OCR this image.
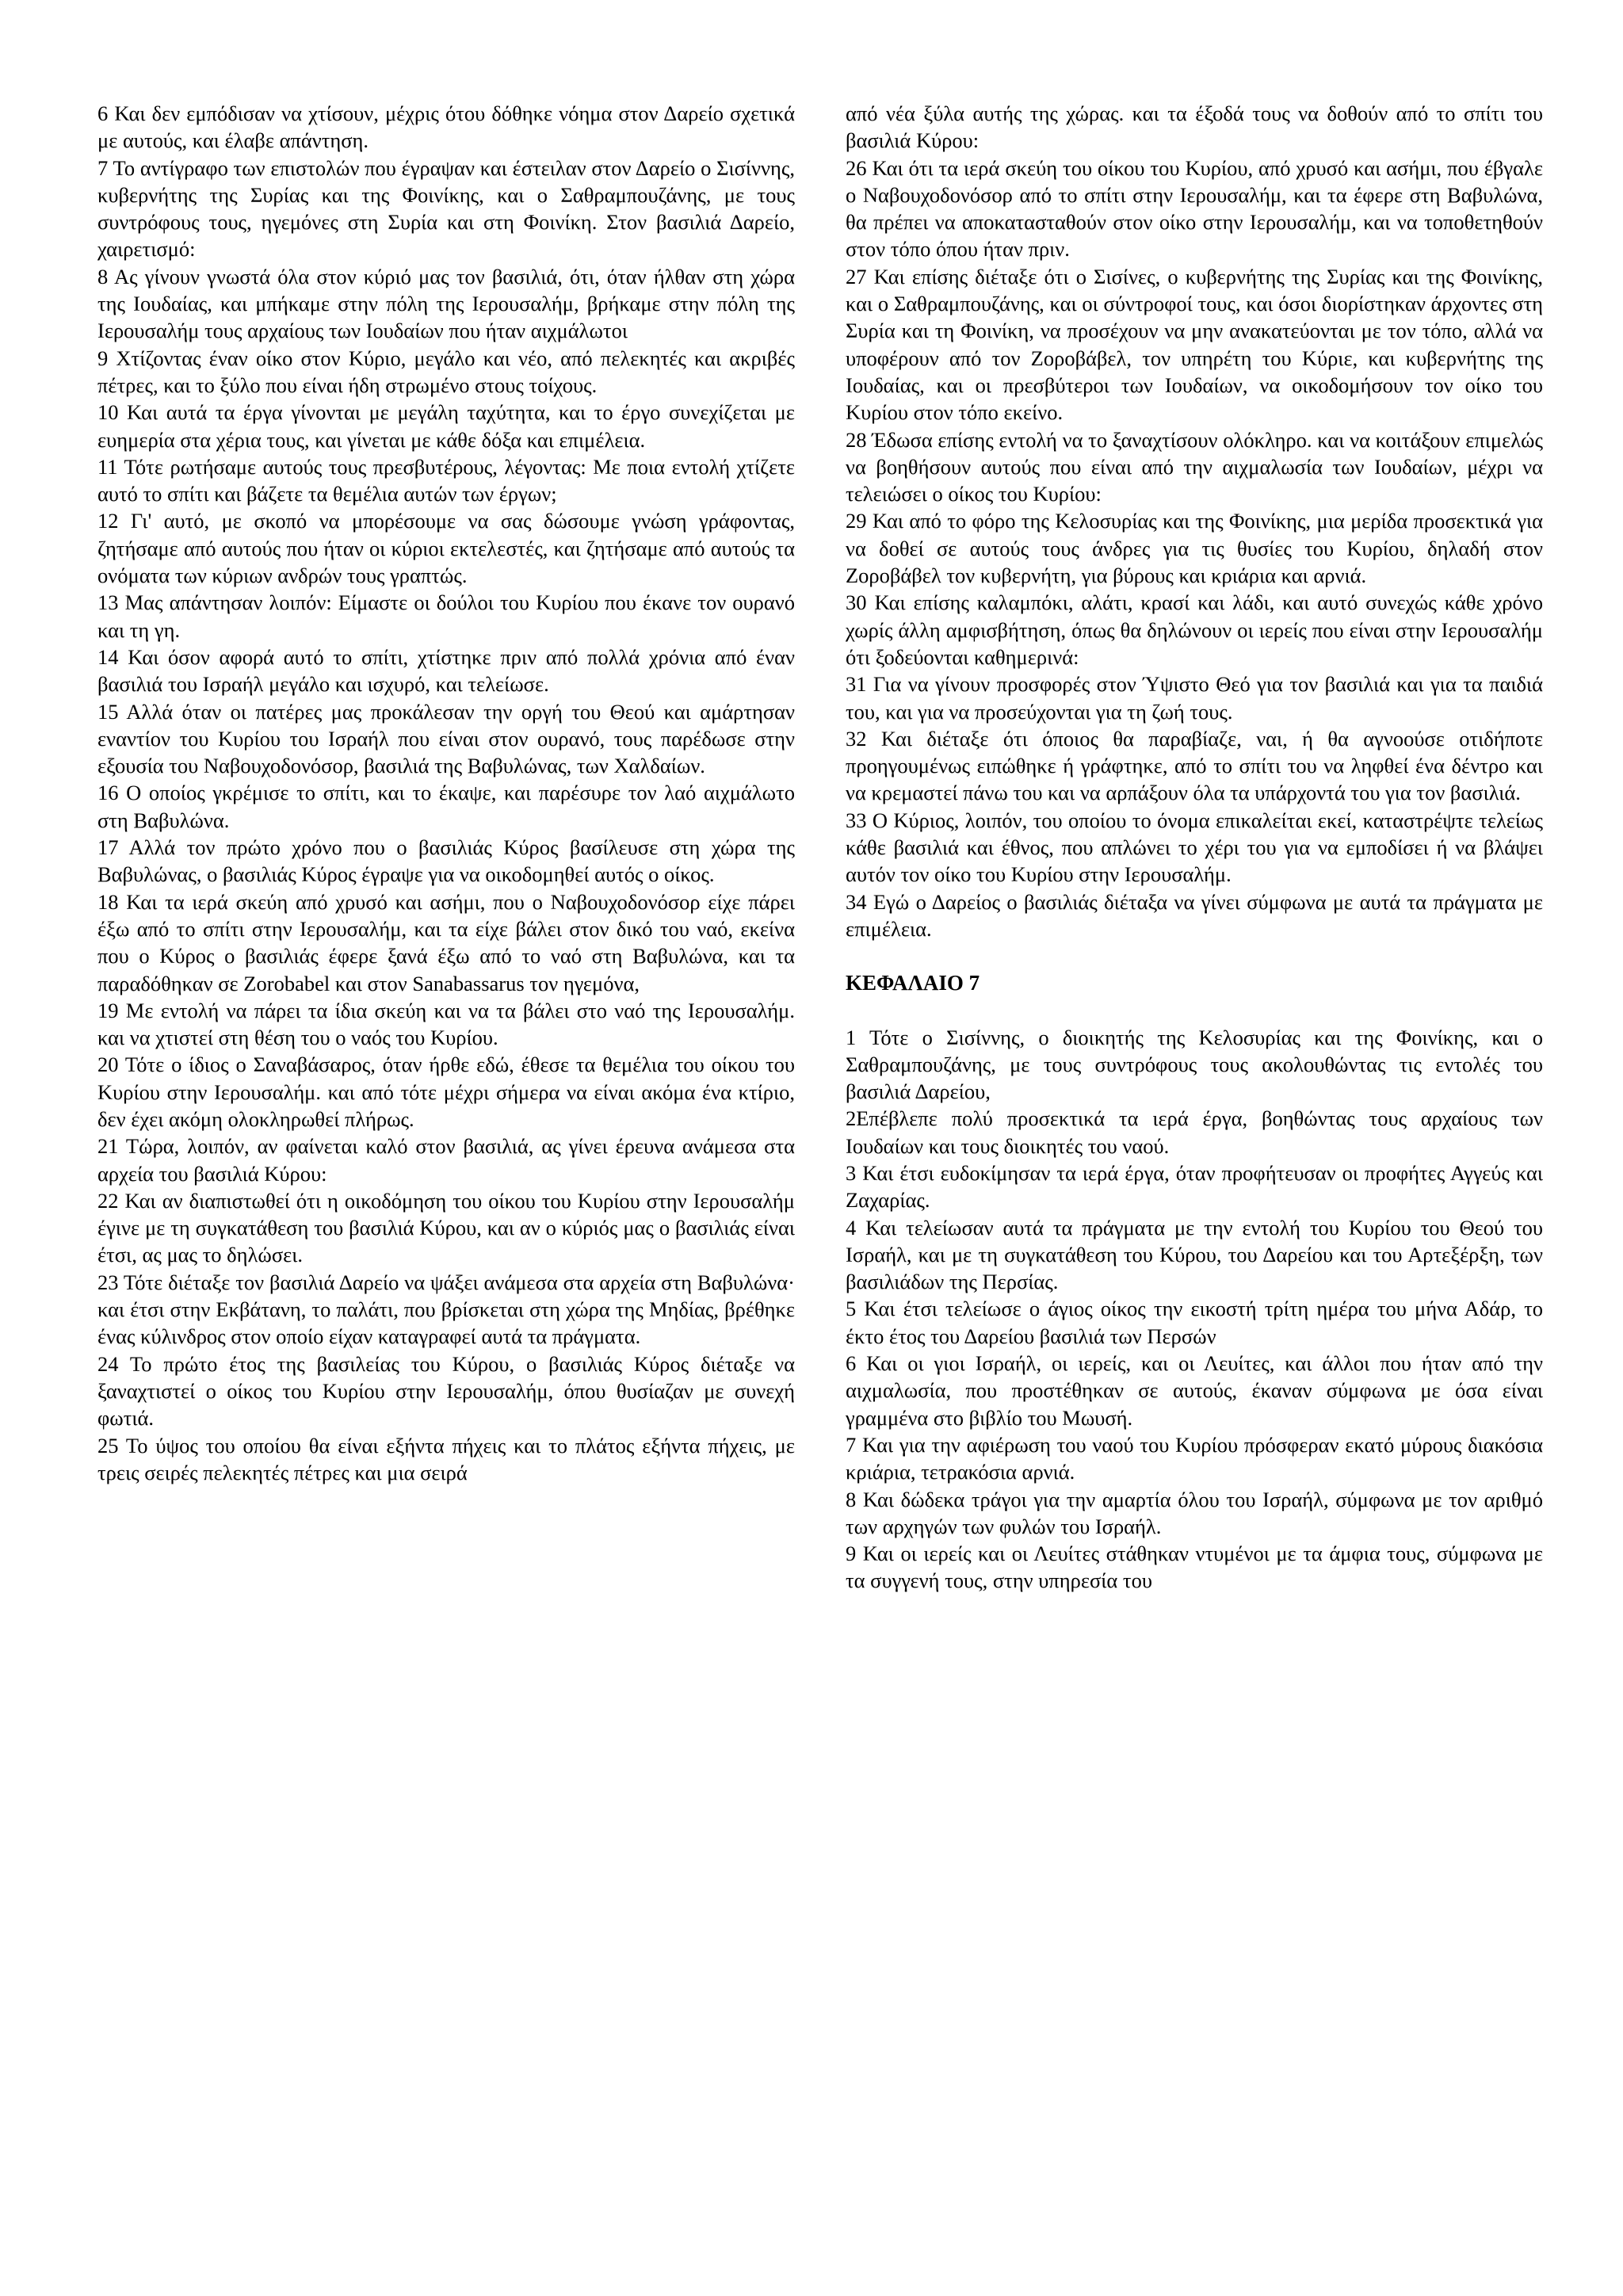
6 Και δεν εμπόδισαν να χτίσουν, μέχρις ότου δόθηκε νόημα στον Δαρείο σχετικά με αυτούς, και έλαβε απάντηση.

7 Το αντίγραφο των επιστολών που έγραψαν και έστειλαν στον Δαρείο ο Σισίννης, κυβερνήτης της Συρίας και της Φοινίκης, και ο Σαθραμπουζάνης, με τους συντρόφους τους, ηγεμόνες στη Συρία και στη Φοινίκη. Στον βασιλιά Δαρείο, χαιρετισμό:

8 Ας γίνουν γνωστά όλα στον κύριό μας τον βασιλιά, ότι, όταν ήλθαν στη χώρα της Ιουδαίας, και μπήκαμε στην πόλη της Ιερουσαλήμ, βρήκαμε στην πόλη της Ιερουσαλήμ τους αρχαίους των Ιουδαίων που ήταν αιχμάλωτοι

9 Χτίζοντας έναν οίκο στον Κύριο, μεγάλο και νέο, από πελεκητές και ακριβές πέτρες, και το ξύλο που είναι ήδη στρωμένο στους τοίχους.

10 Και αυτά τα έργα γίνονται με μεγάλη ταχύτητα, και το έργο συνεχίζεται με ευημερία στα χέρια τους, και γίνεται με κάθε δόξα και επιμέλεια.

11 Τότε ρωτήσαμε αυτούς τους πρεσβυτέρους, λέγοντας: Με ποια εντολή χτίζετε αυτό το σπίτι και βάζετε τα θεμέλια αυτών των έργων;

12 Γι' αυτό, με σκοπό να μπορέσουμε να σας δώσουμε γνώση γράφοντας, ζητήσαμε από αυτούς που ήταν οι κύριοι εκτελεστές, και ζητήσαμε από αυτούς τα ονόματα των κύριων ανδρών τους γραπτώς.

13 Μας απάντησαν λοιπόν: Είμαστε οι δούλοι του Κυρίου που έκανε τον ουρανό και τη γη.

14 Και όσον αφορά αυτό το σπίτι, χτίστηκε πριν από πολλά χρόνια από έναν βασιλιά του Ισραήλ μεγάλο και ισχυρό, και τελείωσε.

15 Αλλά όταν οι πατέρες μας προκάλεσαν την οργή του Θεού και αμάρτησαν εναντίον του Κυρίου του Ισραήλ που είναι στον ουρανό, τους παρέδωσε στην εξουσία του Ναβουχοδονόσορ, βασιλιά της Βαβυλώνας, των Χαλδαίων.

16 Ο οποίος γκρέμισε το σπίτι, και το έκαψε, και παρέσυρε τον λαό αιχμάλωτο στη Βαβυλώνα.

17 Αλλά τον πρώτο χρόνο που ο βασιλιάς Κύρος βασίλευσε στη χώρα της Βαβυλώνας, ο βασιλιάς Κύρος έγραψε για να οικοδομηθεί αυτός ο οίκος.

18 Και τα ιερά σκεύη από χρυσό και ασήμι, που ο Ναβουχοδονόσορ είχε πάρει έξω από το σπίτι στην Ιερουσαλήμ, και τα είχε βάλει στον δικό του ναό, εκείνα που ο Κύρος ο βασιλιάς έφερε ξανά έξω από το ναό στη Βαβυλώνα, και τα παραδόθηκαν σε Zorobabel και στον Sanabassarus τον ηγεμόνα,

19 Με εντολή να πάρει τα ίδια σκεύη και να τα βάλει στο ναό της Ιερουσαλήμ. και να χτιστεί στη θέση του ο ναός του Κυρίου.

20 Τότε ο ίδιος ο Σαναβάσαρος, όταν ήρθε εδώ, έθεσε τα θεμέλια του οίκου του Κυρίου στην Ιερουσαλήμ. και από τότε μέχρι σήμερα να είναι ακόμα ένα κτίριο, δεν έχει ακόμη ολοκληρωθεί πλήρως.

21 Τώρα, λοιπόν, αν φαίνεται καλό στον βασιλιά, ας γίνει έρευνα ανάμεσα στα αρχεία του βασιλιά Κύρου:

22 Και αν διαπιστωθεί ότι η οικοδόμηση του οίκου του Κυρίου στην Ιερουσαλήμ έγινε με τη συγκατάθεση του βασιλιά Κύρου, και αν ο κύριός μας ο βασιλιάς είναι έτσι, ας μας το δηλώσει.

23 Τότε διέταξε τον βασιλιά Δαρείο να ψάξει ανάμεσα στα αρχεία στη Βαβυλώνα· και έτσι στην Εκβάτανη, το παλάτι, που βρίσκεται στη χώρα της Μηδίας, βρέθηκε ένας κύλινδρος στον οποίο είχαν καταγραφεί αυτά τα πράγματα.

24 Το πρώτο έτος της βασιλείας του Κύρου, ο βασιλιάς Κύρος διέταξε να ξαναχτιστεί ο οίκος του Κυρίου στην Ιερουσαλήμ, όπου θυσίαζαν με συνεχή φωτιά.

25 Το ύψος του οποίου θα είναι εξήντα πήχεις και το πλάτος εξήντα πήχεις, με τρεις σειρές πελεκητές πέτρες και μια σειρά

από νέα ξύλα αυτής της χώρας. και τα έξοδά τους να δοθούν από το σπίτι του βασιλιά Κύρου:

26 Και ότι τα ιερά σκεύη του οίκου του Κυρίου, από χρυσό και ασήμι, που έβγαλε ο Ναβουχοδονόσορ από το σπίτι στην Ιερουσαλήμ, και τα έφερε στη Βαβυλώνα, θα πρέπει να αποκατασταθούν στον οίκο στην Ιερουσαλήμ, και να τοποθετηθούν στον τόπο όπου ήταν πριν.

27 Και επίσης διέταξε ότι ο Σισίνες, ο κυβερνήτης της Συρίας και της Φοινίκης, και ο Σαθραμπουζάνης, και οι σύντροφοί τους, και όσοι διορίστηκαν άρχοντες στη Συρία και τη Φοινίκη, να προσέχουν να μην ανακατεύονται με τον τόπο, αλλά να υποφέρουν από τον Ζοροβάβελ, τον υπηρέτη του Κύριε, και κυβερνήτης της Ιουδαίας, και οι πρεσβύτεροι των Ιουδαίων, να οικοδομήσουν τον οίκο του Κυρίου στον τόπο εκείνο.

28 Έδωσα επίσης εντολή να το ξαναχτίσουν ολόκληρο. και να κοιτάξουν επιμελώς να βοηθήσουν αυτούς που είναι από την αιχμαλωσία των Ιουδαίων, μέχρι να τελειώσει ο οίκος του Κυρίου:

29 Και από το φόρο της Κελοσυρίας και της Φοινίκης, μια μερίδα προσεκτικά για να δοθεί σε αυτούς τους άνδρες για τις θυσίες του Κυρίου, δηλαδή στον Ζοροβάβελ τον κυβερνήτη, για βύρους και κριάρια και αρνιά.

30 Και επίσης καλαμπόκι, αλάτι, κρασί και λάδι, και αυτό συνεχώς κάθε χρόνο χωρίς άλλη αμφισβήτηση, όπως θα δηλώνουν οι ιερείς που είναι στην Ιερουσαλήμ ότι ξοδεύονται καθημερινά:

31 Για να γίνουν προσφορές στον Ύψιστο Θεό για τον βασιλιά και για τα παιδιά του, και για να προσεύχονται για τη ζωή τους.

32 Και διέταξε ότι όποιος θα παραβίαζε, ναι, ή θα αγνοούσε οτιδήποτε προηγουμένως ειπώθηκε ή γράφτηκε, από το σπίτι του να ληφθεί ένα δέντρο και να κρεμαστεί πάνω του και να αρπάξουν όλα τα υπάρχοντά του για τον βασιλιά.

33 Ο Κύριος, λοιπόν, του οποίου το όνομα επικαλείται εκεί, καταστρέψτε τελείως κάθε βασιλιά και έθνος, που απλώνει το χέρι του για να εμποδίσει ή να βλάψει αυτόν τον οίκο του Κυρίου στην Ιερουσαλήμ.

34 Εγώ ο Δαρείος ο βασιλιάς διέταξα να γίνει σύμφωνα με αυτά τα πράγματα με επιμέλεια.

ΚΕΦΑΛΑΙΟ 7

1 Τότε ο Σισίννης, ο διοικητής της Κελοσυρίας και της Φοινίκης, και ο Σαθραμπουζάνης, με τους συντρόφους τους ακολουθώντας τις εντολές του βασιλιά Δαρείου,

2Επέβλεπε πολύ προσεκτικά τα ιερά έργα, βοηθώντας τους αρχαίους των Ιουδαίων και τους διοικητές του ναού.

3 Και έτσι ευδοκίμησαν τα ιερά έργα, όταν προφήτευσαν οι προφήτες Αγγεύς και Ζαχαρίας.

4 Και τελείωσαν αυτά τα πράγματα με την εντολή του Κυρίου του Θεού του Ισραήλ, και με τη συγκατάθεση του Κύρου, του Δαρείου και του Αρτεξέρξη, των βασιλιάδων της Περσίας.

5 Και έτσι τελείωσε ο άγιος οίκος την εικοστή τρίτη ημέρα του μήνα Αδάρ, το έκτο έτος του Δαρείου βασιλιά των Περσών

6 Και οι γιοι Ισραήλ, οι ιερείς, και οι Λευίτες, και άλλοι που ήταν από την αιχμαλωσία, που προστέθηκαν σε αυτούς, έκαναν σύμφωνα με όσα είναι γραμμένα στο βιβλίο του Μωυσή.

7 Και για την αφιέρωση του ναού του Κυρίου πρόσφεραν εκατό μύρους διακόσια κριάρια, τετρακόσια αρνιά.

8 Και δώδεκα τράγοι για την αμαρτία όλου του Ισραήλ, σύμφωνα με τον αριθμό των αρχηγών των φυλών του Ισραήλ.

9 Και οι ιερείς και οι Λευίτες στάθηκαν ντυμένοι με τα άμφια τους, σύμφωνα με τα συγγενή τους, στην υπηρεσία του
